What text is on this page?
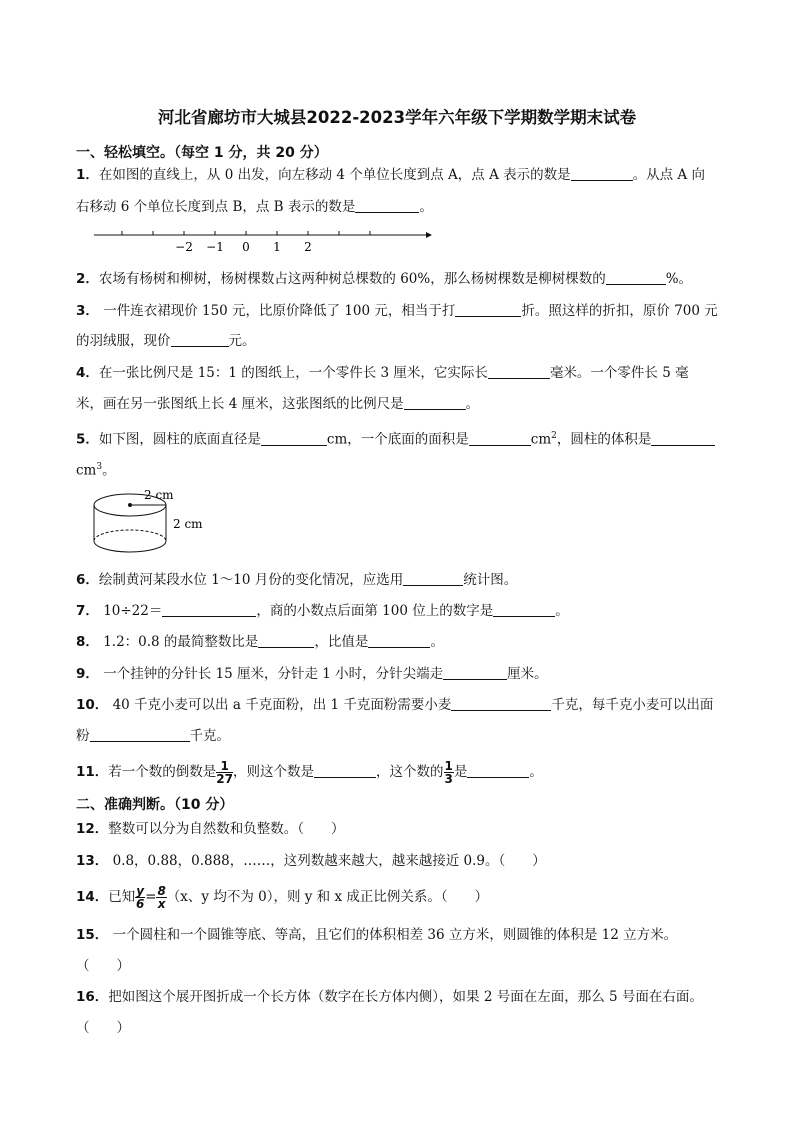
河北省廊坊市大城县2022-2023学年六年级下学期数学期末试卷
一、轻松填空。（每空 1 分，共 20 分）
1．在如图的直线上，从 0 出发，向左移动 4 个单位长度到点 A，点 A 表示的数是	。从点 A 向
右移动 6 个单位长度到点 B，点 B 表示的数是	。
−2 −1 0 1 2
2．农场有杨树和柳树，杨树棵数占这两种树总棵数的 60%，那么杨树棵数是柳树棵数的	%。
3． 一件连衣裙现价 150 元，比原价降低了 100 元，相当于打	折。照这样的折扣，原价 700 元
的羽绒服，现价	元。
4．在一张比例尺是 15：1 的图纸上，一个零件长 3 厘米，它实际长	毫米。一个零件长 5 毫
米，画在另一张图纸上长 4 厘米，这张图纸的比例尺是	。
5．如下图，圆柱的底面直径是	cm，一个底面的面积是	$cm^2$，圆柱的体积是
$cm^3$。
2 cm
2 cm
6．绘制黄河某段水位 1～10 月份的变化情况，应选用	统计图。
7． 10÷22＝	，商的小数点后面第 100 位上的数字是	。
8． 1.2：0.8 的最简整数比是	，比值是	。
9． 一个挂钟的分针长 15 厘米，分针走 1 小时，分针尖端走	厘米。
10． 40 千克小麦可以出 a 千克面粉，出 1 千克面粉需要小麦	千克，每千克小麦可以出面
粉	千克。
11．若一个数的倒数是 $\frac{1}{27}$ ，则这个数是	，这个数的 $\frac{1}{3}$ 是	。
二、准确判断。（10 分）
12．整数可以分为自然数和负整数。（　　）
13． 0.8，0.88，0.888，……，这列数越来越大，越来越接近 0.9。（　　）
14．已知 $\frac{y}{6} = \frac{8}{x} (x$、y 均不为 0），则 y 和 x 成正比例关系。（　　）
15． 一个圆柱和一个圆锥等底、等高，且它们的体积相差 36 立方米，则圆锥的体积是 12 立方米。
（　　）
16．把如图这个展开图折成一个长方体（数字在长方体内侧），如果 2 号面在左面，那么 5 号面在右面。
（　　）
